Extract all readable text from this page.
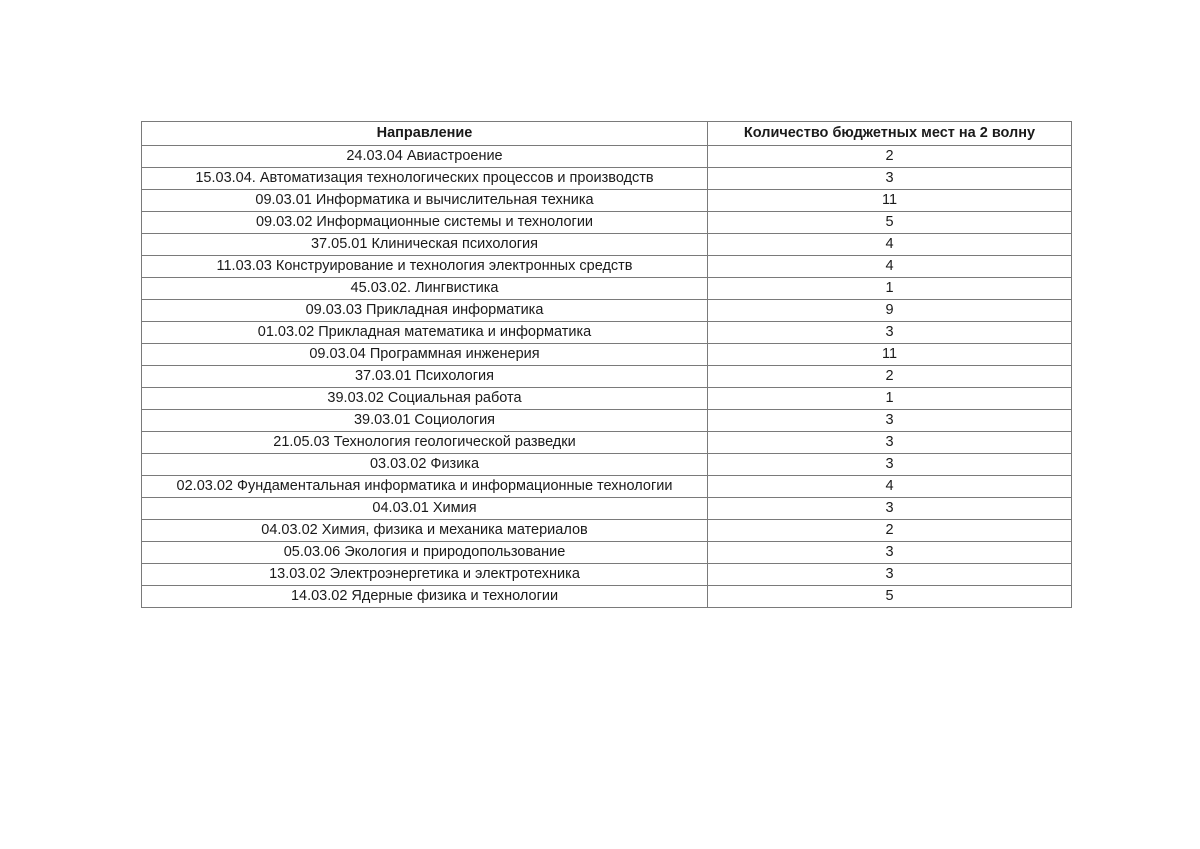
Направление	Количество бюджетных мест на 2 волну
24.03.04 Авиастроение	2
15.03.04. Автоматизация технологических процессов и производств	3
09.03.01 Информатика и вычислительная техника	11
09.03.02 Информационные системы и технологии	5
37.05.01 Клиническая психология	4
11.03.03 Конструирование и технология электронных средств	4
45.03.02. Лингвистика	1
09.03.03 Прикладная информатика	9
01.03.02 Прикладная математика и информатика	3
09.03.04 Программная инженерия	11
37.03.01 Психология	2
39.03.02 Социальная работа	1
39.03.01 Социология	3
21.05.03 Технология геологической разведки	3
03.03.02 Физика	3
02.03.02 Фундаментальная информатика и информационные технологии	4
04.03.01 Химия	3
04.03.02 Химия, физика и механика материалов	2
05.03.06 Экология и природопользование	3
13.03.02 Электроэнергетика и электротехника	3
14.03.02 Ядерные физика и технологии	5
